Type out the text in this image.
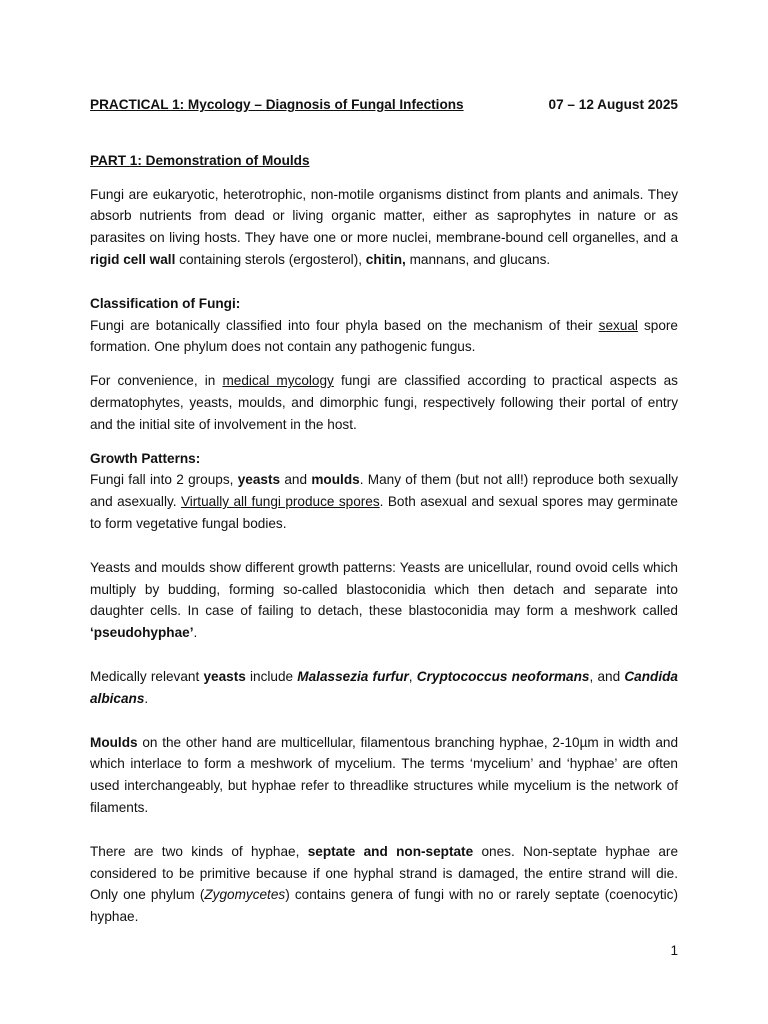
PRACTICAL 1: Mycology – Diagnosis of Fungal Infections	07 – 12 August 2025
PART 1: Demonstration of Moulds

Fungi are eukaryotic, heterotrophic, non-motile organisms distinct from plants and animals. They absorb nutrients from dead or living organic matter, either as saprophytes in nature or as parasites on living hosts. They have one or more nuclei, membrane-bound cell organelles, and a rigid cell wall containing sterols (ergosterol), chitin, mannans, and glucans.

Classification of Fungi:

Fungi are botanically classified into four phyla based on the mechanism of their sexual spore formation. One phylum does not contain any pathogenic fungus.

For convenience, in medical mycology fungi are classified according to practical aspects as dermatophytes, yeasts, moulds, and dimorphic fungi, respectively following their portal of entry and the initial site of involvement in the host.

Growth Patterns:

Fungi fall into 2 groups, yeasts and moulds. Many of them (but not all!) reproduce both sexually and asexually. Virtually all fungi produce spores. Both asexual and sexual spores may germinate to form vegetative fungal bodies.

Yeasts and moulds show different growth patterns: Yeasts are unicellular, round ovoid cells which multiply by budding, forming so-called blastoconidia which then detach and separate into daughter cells. In case of failing to detach, these blastoconidia may form a meshwork called ‘pseudohyphae’.

Medically relevant yeasts include Malassezia furfur, Cryptococcus neoformans, and Candida albicans.

Moulds on the other hand are multicellular, filamentous branching hyphae, 2-10µm in width and which interlace to form a meshwork of mycelium. The terms ‘mycelium’ and ‘hyphae’ are often used interchangeably, but hyphae refer to threadlike structures while mycelium is the network of filaments.

There are two kinds of hyphae, septate and non-septate ones. Non-septate hyphae are considered to be primitive because if one hyphal strand is damaged, the entire strand will die. Only one phylum (Zygomycetes) contains genera of fungi with no or rarely septate (coenocytic) hyphae.

1
